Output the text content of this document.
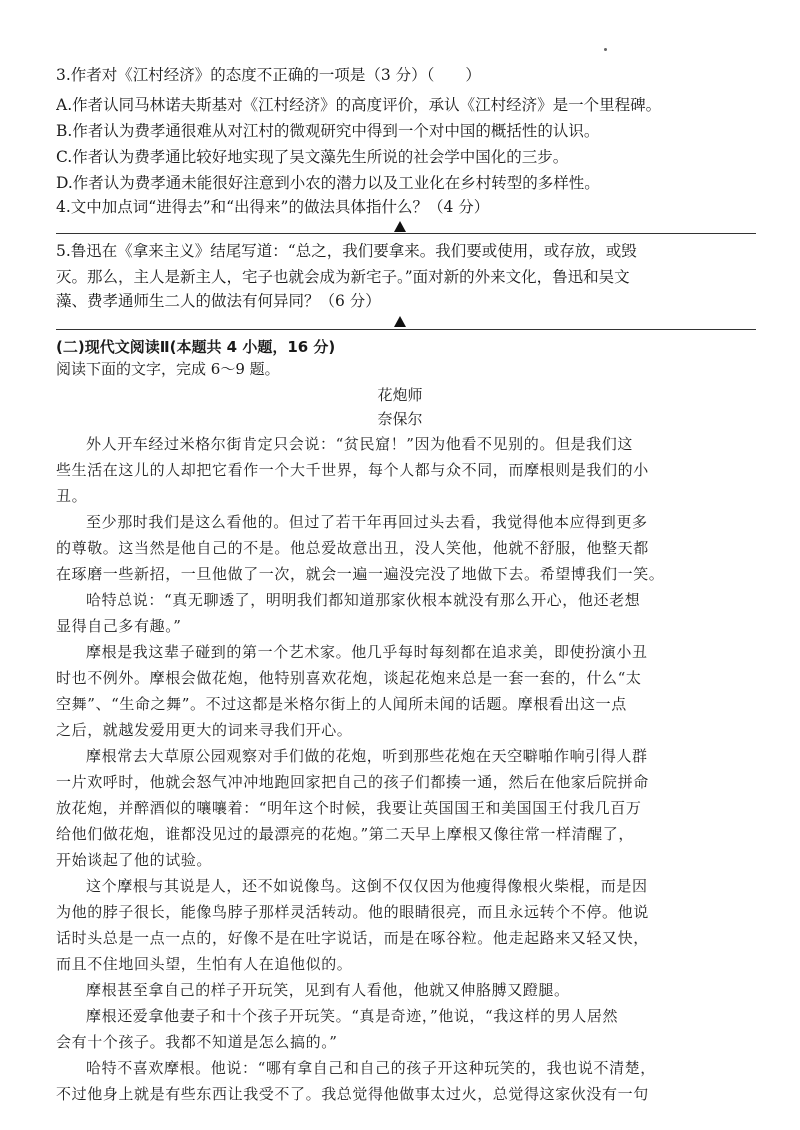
3.作者对《江村经济》的态度不
正
确
的一项是（3 分）（　　）
A.作者认同马林诺夫斯基对《江村经济》的高度评价，承认《江村经济》是一个里程碑。
B.作者认为费孝通很难从对江村的微观研究中得到一个对中国的概括性的认识。
C.作者认为费孝通比较好地实现了吴文藻先生所说的社会学中国化的三步。
D.作者认为费孝通未能很好注意到小农的潜力以及工业化在乡村转型的多样性。
4.文中加点词“进得去”和“出得来”的做法具体指什么？（4 分）
5.鲁迅在《拿来主义》结尾写道：“总之，我们要拿来。我们要或使用，或存放，或毁
灭。那么，主人是新主人，宅子也就会成为新宅子。”面对新的外来文化，鲁迅和吴文
藻、费孝通师生二人的做法有何异同？（6 分）
(二)现代文阅读Ⅱ(本题共 4 小题，16 分)
阅读下面的文字，完成 6～9 题。
花炮师
奈保尔
外人开车经过米格尔街肯定只会说：“贫民窟！”因为他看不见别的。但是我们这
些生活在这儿的人却把它看作一个大千世界，每个人都与众不同，而摩根则是我们的小
丑。
至少那时我们是这么看他的。但过了若干年再回过头去看，我觉得他本应得到更多
的尊敬。这当然是他自己的不是。他总爱故意出丑，没人笑他，他就不舒服，他整天都
在琢磨一些新招，一旦他做了一次，就会一遍一遍没完没了地做下去。希望博我们一笑。
哈特总说：“真无聊透了，明明我们都知道那家伙根本就没有那么开心，他还老想
显得自己多有趣。”
摩根是我这辈子碰到的第一个艺术家。他几乎每时每刻都在追求美，即使扮演小丑
时也不例外。摩根会做花炮，他特别喜欢花炮，谈起花炮来总是一套一套的，什么“太
空舞”、“生命之舞”。不过这都是米格尔街上的人闻所未闻的话题。摩根看出这一点
之后，就越发爱用更大的词来寻我们开心。
摩根常去大草原公园观察对手们做的花炮，听到那些花炮在天空噼啪作响引得人群
一片欢呼时，他就会怒气冲冲地跑回家把自己的孩子们都揍一通，然后在他家后院拼命
放花炮，并醉酒似的嚷嚷着：“明年这个时候，我要让英国国王和美国国王付我几百万
给他们做花炮，谁都没见过的最漂亮的花炮。”第二天早上摩根又像往常一样清醒了，
开始谈起了他的试验。
这个摩根与其说是人，还不如说像鸟。这倒不仅仅因为他瘦得像根火柴棍，而是因
为他的脖子很长，能像鸟脖子那样灵活转动。他的眼睛很亮，而且永远转个不停。他说
话时头总是一点一点的，好像不是在吐字说话，而是在啄谷粒。他走起路来又轻又快，
而且不住地回头望，生怕有人在追他似的。
摩根甚至拿自己的样子开玩笑，见到有人看他，他就又伸胳膊又蹬腿。
摩根还爱拿他妻子和十个孩子开玩笑。“真是奇迹，”他说，“我这样的男人居然
会有十个孩子。我都不知道是怎么搞的。”
哈特不喜欢摩根。他说：“哪有拿自己和自己的孩子开这种玩笑的，我也说不清楚，
不过他身上就是有些东西让我受不了。我总觉得他做事太过火，总觉得这家伙没有一句
